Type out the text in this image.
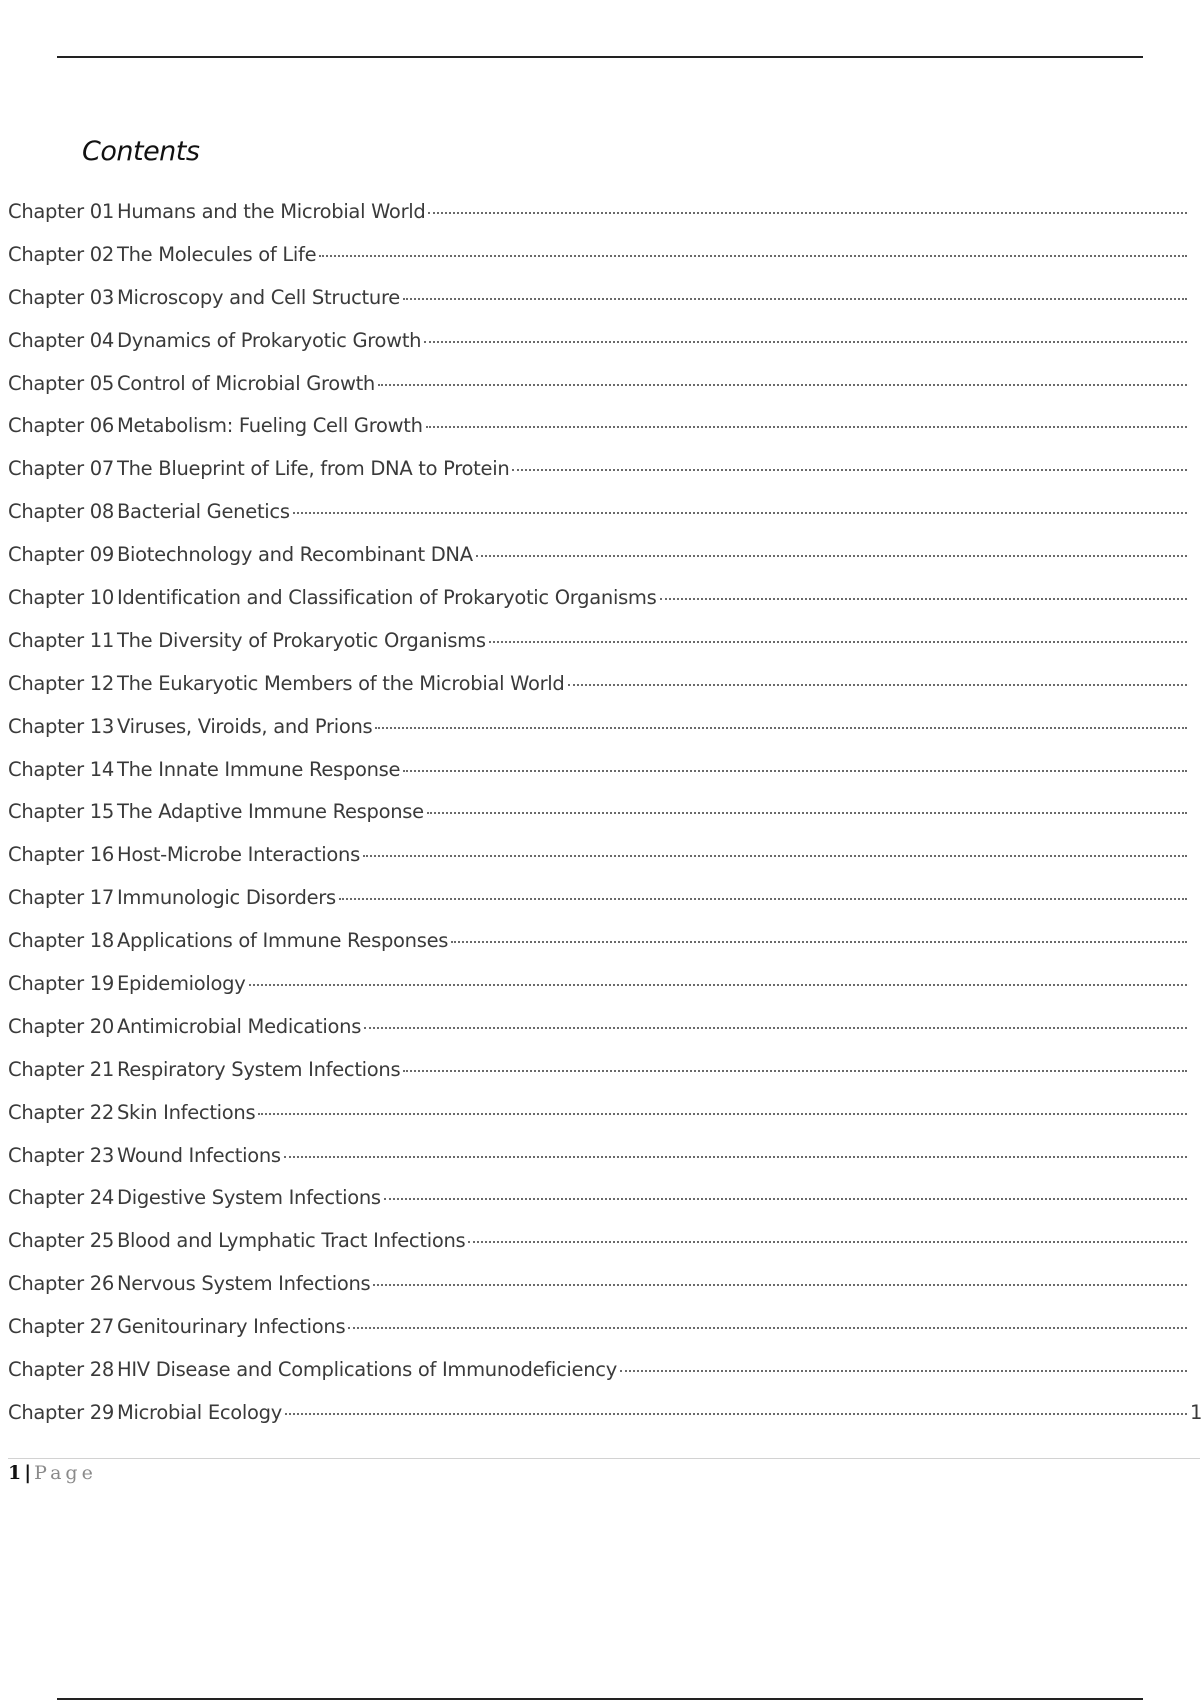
Contents
Chapter 01 Humans and the Microbial World
Chapter 02 The Molecules of Life
Chapter 03 Microscopy and Cell Structure
Chapter 04 Dynamics of Prokaryotic Growth
Chapter 05 Control of Microbial Growth
Chapter 06 Metabolism: Fueling Cell Growth
Chapter 07 The Blueprint of Life, from DNA to Protein
Chapter 08 Bacterial Genetics
Chapter 09 Biotechnology and Recombinant DNA
Chapter 10 Identification and Classification of Prokaryotic Organisms
Chapter 11 The Diversity of Prokaryotic Organisms
Chapter 12 The Eukaryotic Members of the Microbial World
Chapter 13 Viruses, Viroids, and Prions
Chapter 14 The Innate Immune Response
Chapter 15 The Adaptive Immune Response
Chapter 16 Host-Microbe Interactions
Chapter 17 Immunologic Disorders
Chapter 18 Applications of Immune Responses
Chapter 19 Epidemiology
Chapter 20 Antimicrobial Medications
Chapter 21 Respiratory System Infections
Chapter 22 Skin Infections
Chapter 23 Wound Infections
Chapter 24 Digestive System Infections
Chapter 25 Blood and Lymphatic Tract Infections
Chapter 26 Nervous System Infections
Chapter 27 Genitourinary Infections
Chapter 28 HIV Disease and Complications of Immunodeficiency
Chapter 29 Microbial Ecology	1
1 | Page
